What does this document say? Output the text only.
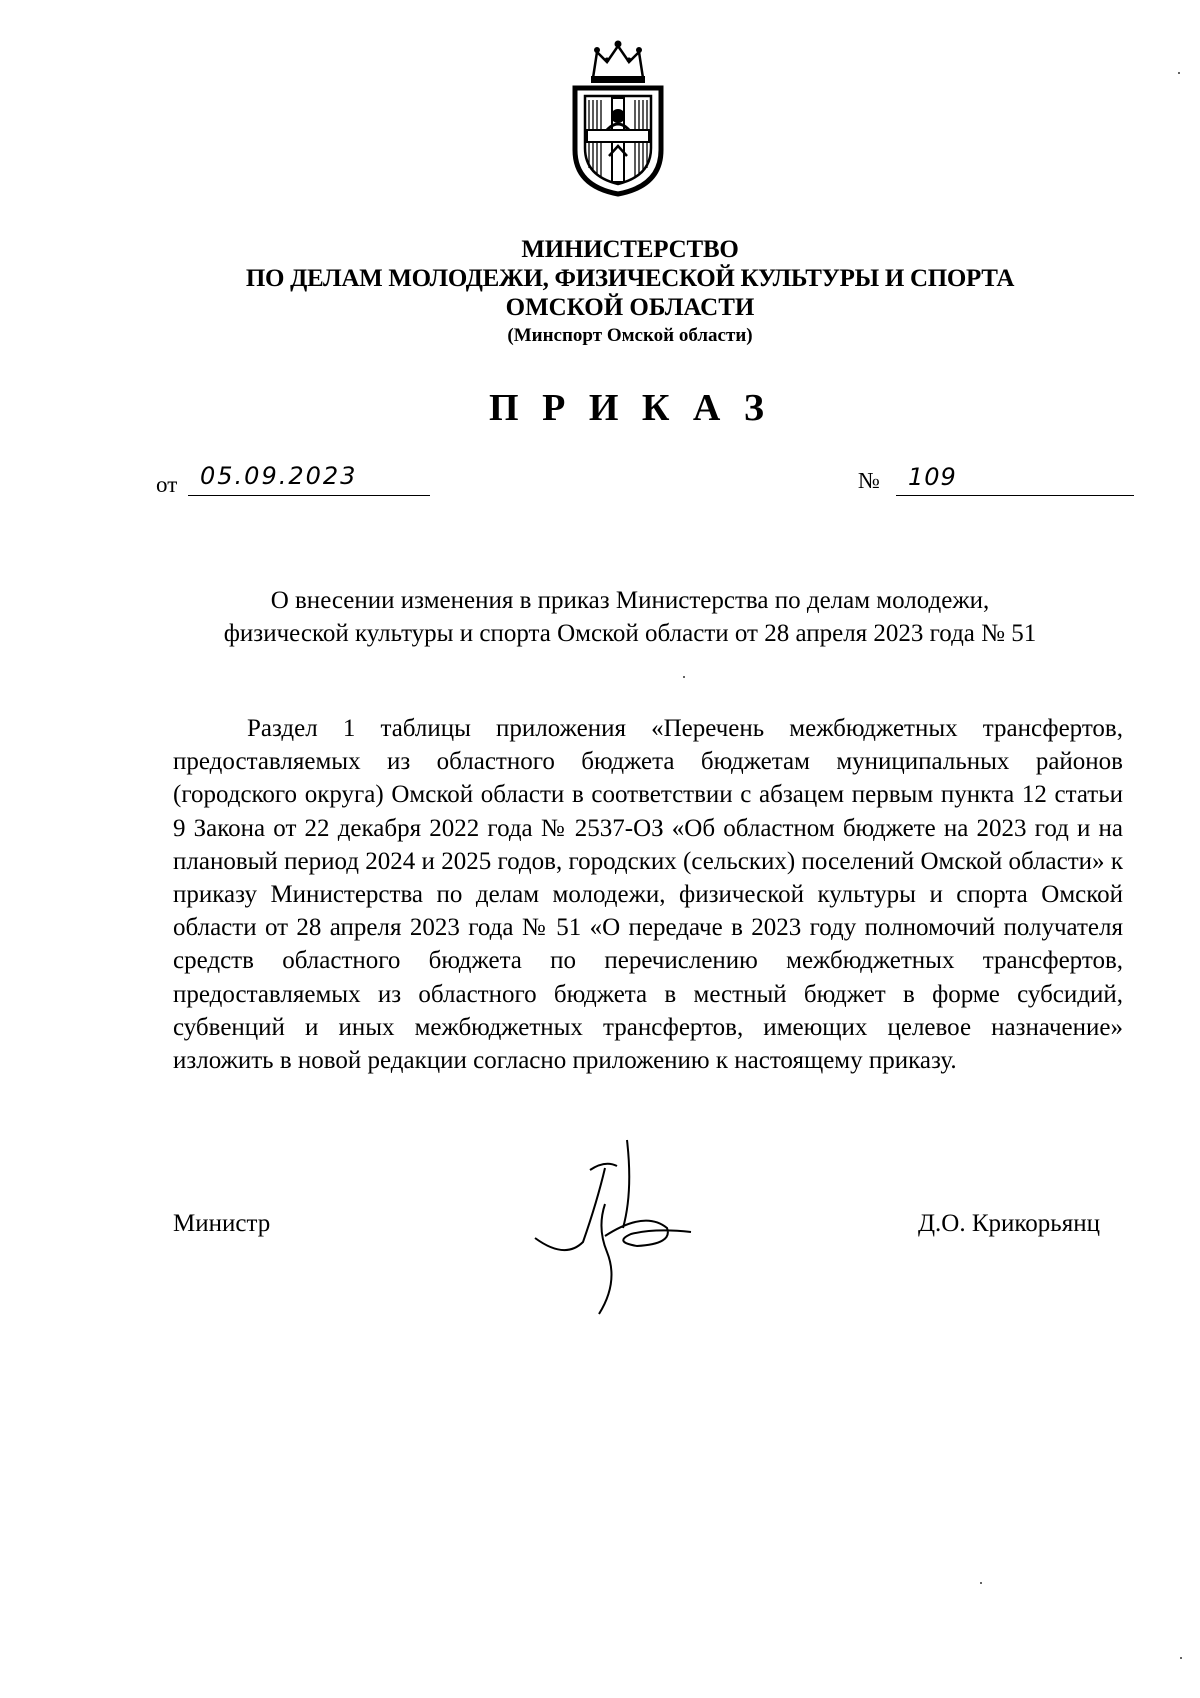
МИНИСТЕРСТВО
ПО ДЕЛАМ МОЛОДЕЖИ, ФИЗИЧЕСКОЙ КУЛЬТУРЫ И СПОРТА
ОМСКОЙ ОБЛАСТИ
(Минспорт Омской области)
П Р И К А З
от 05.09.2023	№ 109
О внесении изменения в приказ Министерства по делам молодежи,
физической культуры и спорта Омской области от 28 апреля 2023 года № 51
Раздел 1 таблицы приложения «Перечень межбюджетных трансфертов, предоставляемых из областного бюджета бюджетам муниципальных районов (городского округа) Омской области в соответствии с абзацем первым пункта 12 статьи 9 Закона от 22 декабря 2022 года № 2537-ОЗ «Об областном бюджете на 2023 год и на плановый период 2024 и 2025 годов, городских (сельских) поселений Омской области» к приказу Министерства по делам молодежи, физической культуры и спорта Омской области от 28 апреля 2023 года № 51 «О передаче в 2023 году полномочий получателя средств областного бюджета по перечислению межбюджетных трансфертов, предоставляемых из областного бюджета в местный бюджет в форме субсидий, субвенций и иных межбюджетных трансфертов, имеющих целевое назначение» изложить в новой редакции согласно приложению к настоящему приказу.
Министр	Д.О. Крикорьянц
